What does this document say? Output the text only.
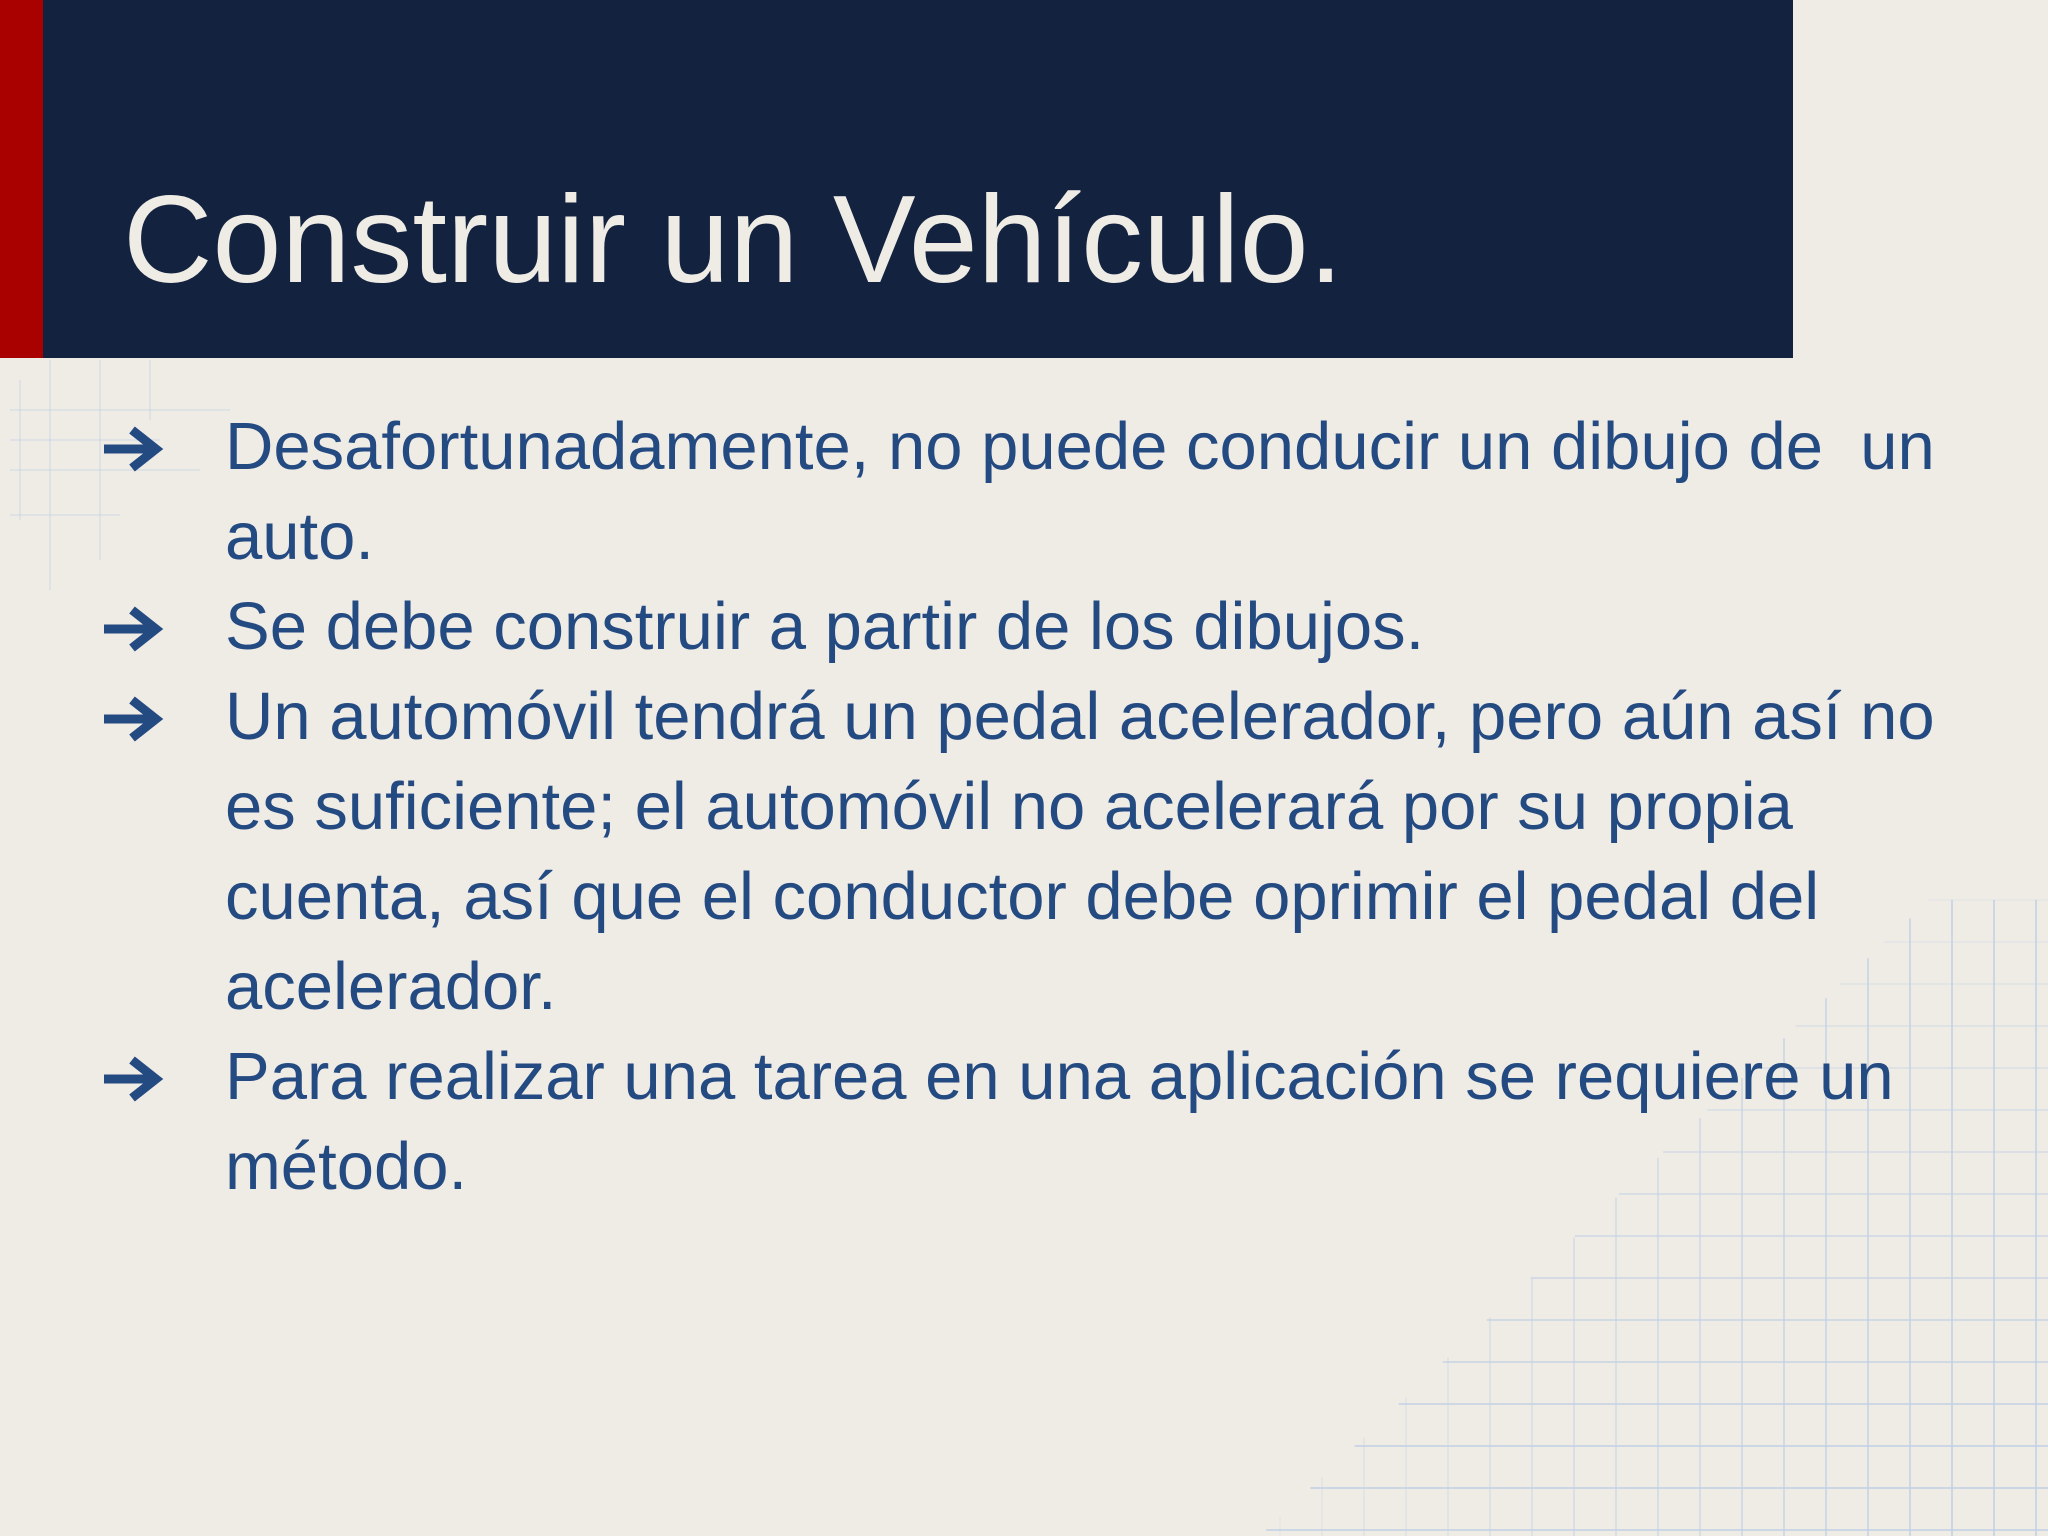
Construir un Vehículo.
Desafortunadamente, no puede conducir un dibujo de  un auto.
Se debe construir a partir de los dibujos.
Un automóvil tendrá un pedal acelerador, pero aún así no es suficiente; el automóvil no acelerará por su propia cuenta, así que el conductor debe oprimir el pedal del acelerador.
Para realizar una tarea en una aplicación se requiere un método.
